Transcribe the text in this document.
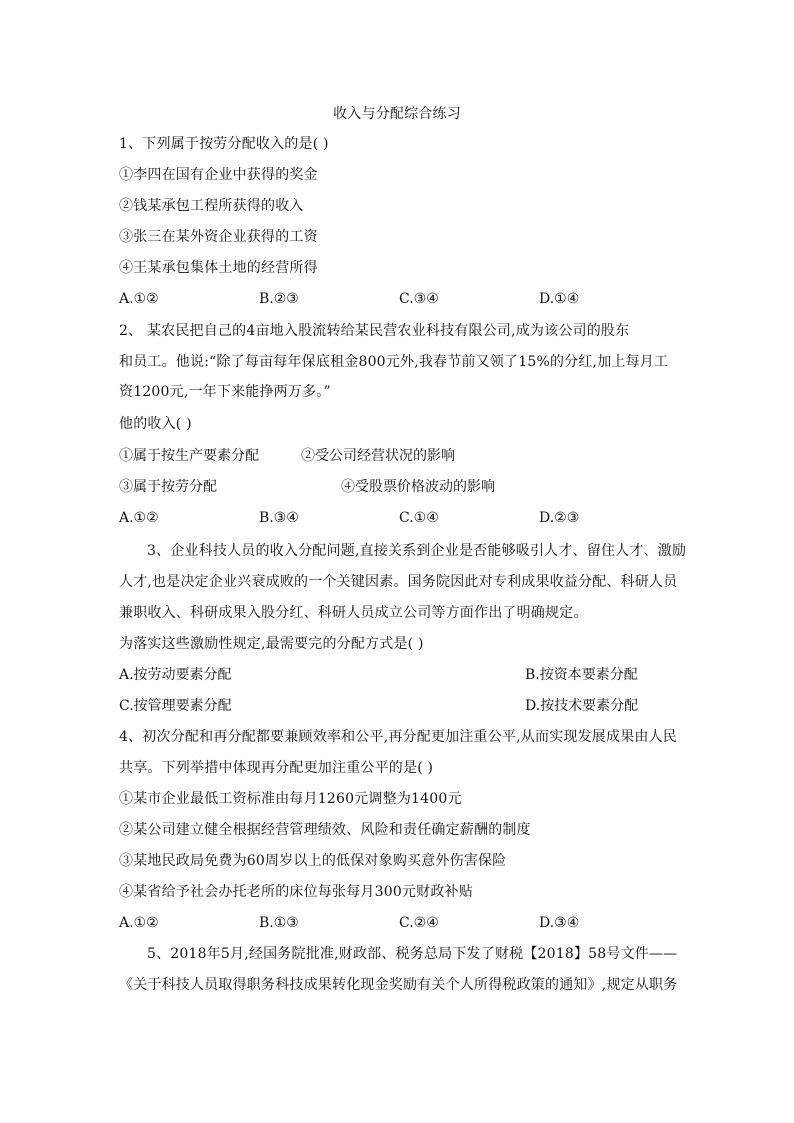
收入与分配综合练习
1、下列属于按劳分配收入的是( )
①李四在国有企业中获得的奖金
②钱某承包工程所获得的收入
③张三在某外资企业获得的工资
④王某承包集体土地的经营所得
A.①②	B.②③	C.③④	D.①④
2、 某农民把自己的4亩地入股流转给某民营农业科技有限公司,成为该公司的股东
和员工。他说:“除了每亩每年保底租金800元外,我春节前又领了15%的分红,加上每月工
资1200元,一年下来能挣两万多。”
他的收入( )
①属于按生产要素分配	②受公司经营状况的影响
③属于按劳分配	④受股票价格波动的影响
A.①②	B.③④	C.①④	D.②③
3、企业科技人员的收入分配问题,直接关系到企业是否能够吸引人才、留住人才、激励
人才,也是决定企业兴衰成败的一个关键因素。国务院因此对专利成果收益分配、科研人员
兼职收入、科研成果入股分红、科研人员成立公司等方面作出了明确规定。
为落实这些激励性规定,最需要完的分配方式是( )
A.按劳动要素分配	B.按资本要素分配
C.按管理要素分配	D.按技术要素分配
4、初次分配和再分配都要兼顾效率和公平,再分配更加注重公平,从而实现发展成果由人民
共享。下列举措中体现再分配更加注重公平的是( )
①某市企业最低工资标准由每月1260元调整为1400元
②某公司建立健全根据经营管理绩效、风险和责任确定薪酬的制度
③某地民政局免费为60周岁以上的低保对象购买意外伤害保险
④某省给予社会办托老所的床位每张每月300元财政补贴
A.①②	B.①③	C.②④	D.③④
5、2018年5月,经国务院批准,财政部、税务总局下发了财税【2018】58号文件——
《关于科技人员取得职务科技成果转化现金奖励有关个人所得税政策的通知》,规定从职务
